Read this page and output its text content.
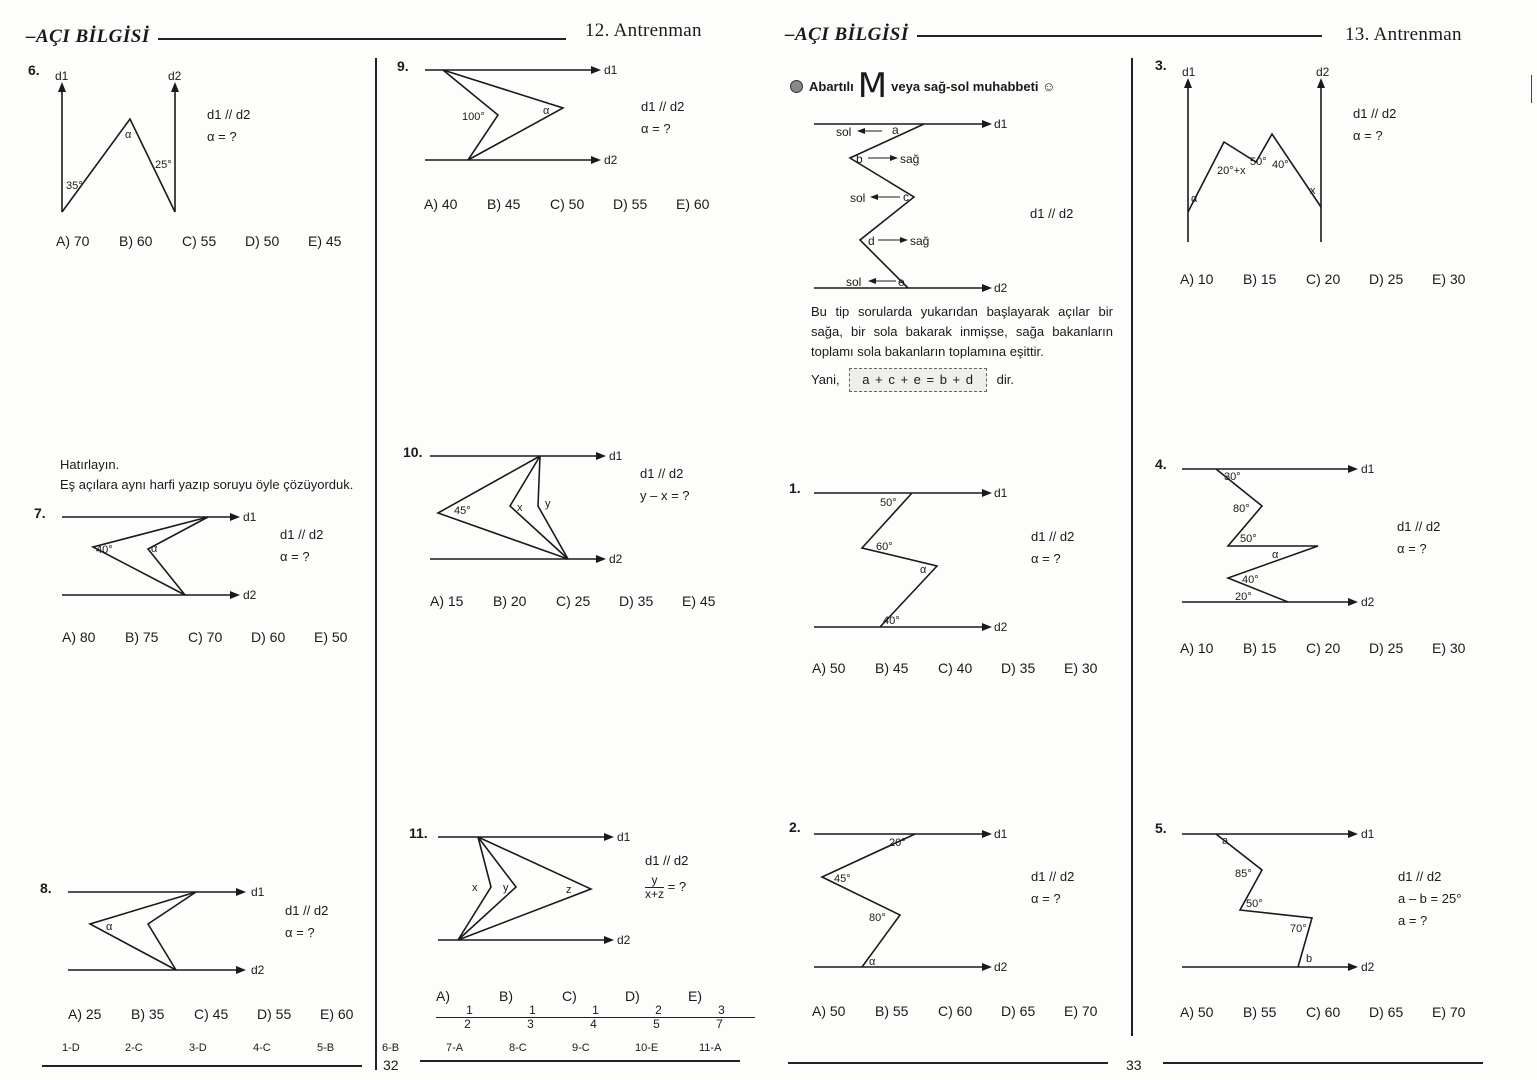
–AÇI BİLGİSİ	12. Antrenman
6. d1	d2
α
25°
35°
d1 // d2
α = ?
A) 70	B) 60	C) 55	D) 50	E) 45
Hatırlayın.
Eş açılara aynı harfi yazıp soruyu öyle çözüyorduk.
7.	d1
d2
40°	α
d1 // d2
α = ?
A) 80	B) 75	C) 70	D) 60	E) 50
8.	d1
d2
α
d1 // d2
α = ?
A) 25	B) 35	C) 45	D) 55	E) 60
9.	d1
d2
100°	α	d1 // d2
α = ?
A) 40	B) 45	C) 50	D) 55	E) 60
10.	d1
d2
45°	x y
d1 // d2
y – x = ?
A) 15	B) 20	C) 25	D) 35	E) 45
11.	d1
d2
x y	z
d1 // d2
$\frac{y}{x+z}$ = ?
A)
$\frac{1}{2}$
B)
$\frac{1}{3}$
C)
$\frac{1}{4}$
D)
$\frac{2}{5}$
E)
$\frac{3}{7}$
1-D	2-C	3-D	4-C	5-B	6-B	7-A	8-C	9-C	10-E	11-A
32
–AÇI BİLGİSİ	13. Antrenman
Abartılı M veya sağ-sol muhabbeti ☺
sol	a
b	sağ
sol	c
d	sağ
sol	e
d1
d2
d1 // d2
Bu tip sorularda yukarıdan başlayarak açılar bir sağa, bir sola bakarak inmişse, sağa bakanların toplamı sola bakanların toplamına eşittir.
Yani, a + c + e = b + d dir.
1.	d1
d2
50°
60°
α
40°
d1 // d2
α = ?
A) 50	B) 45	C) 40	D) 35	E) 30
2.	d1
d2
20°
45°
80°
α
d1 // d2
α = ?
A) 50	B) 55	C) 60	D) 65	E) 70
3. d1	d2
α
20°+x
50° 40°
x
d1 // d2
α = ?
A) 10	B) 15	C) 20	D) 25	E) 30
4.	d1
d2
30°
80°
50°
α
40°
20°
d1 // d2
α = ?
A) 10	B) 15	C) 20	D) 25	E) 30
5.	d1
d2
a
85°
50°
70°
b
d1 // d2
a – b = 25°
a = ?
A) 50	B) 55	C) 60	D) 65	E) 70
33
